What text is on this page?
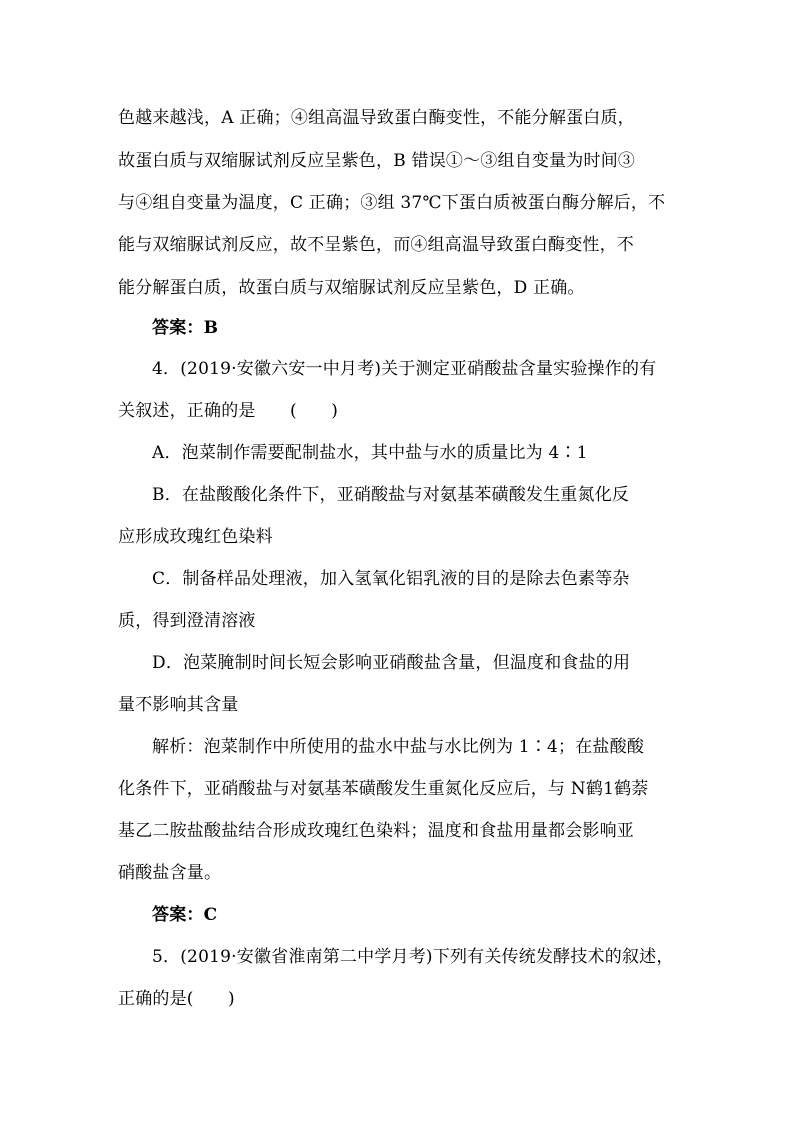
色越来越浅，A 正确；④组高温导致蛋白酶变性，不能分解蛋白质，
故蛋白质与双缩脲试剂反应呈紫色，B 错误①～③组自变量为时间③
与④组自变量为温度，C 正确；③组 37℃下蛋白质被蛋白酶分解后，不
能与双缩脲试剂反应，故不呈紫色，而④组高温导致蛋白酶变性，不
能分解蛋白质，故蛋白质与双缩脲试剂反应呈紫色，D 正确。
答案：B
4．(2019·安徽六安一中月考)关于测定亚硝酸盐含量实验操作的有
关叙述，正确的是　　(　　)
A．泡菜制作需要配制盐水，其中盐与水的质量比为 4∶1
B．在盐酸酸化条件下，亚硝酸盐与对氨基苯磺酸发生重氮化反
应形成玫瑰红色染料
C．制备样品处理液，加入氢氧化铝乳液的目的是除去色素等杂
质，得到澄清溶液
D．泡菜腌制时间长短会影响亚硝酸盐含量，但温度和食盐的用
量不影响其含量
解析：泡菜制作中所使用的盐水中盐与水比例为 1∶4；在盐酸酸
化条件下，亚硝酸盐与对氨基苯磺酸发生重氮化反应后，与 N鹤1鹤萘
基乙二胺盐酸盐结合形成玫瑰红色染料；温度和食盐用量都会影响亚
硝酸盐含量。
答案：C
5．(2019·安徽省淮南第二中学月考)下列有关传统发酵技术的叙述，
正确的是(　　)
